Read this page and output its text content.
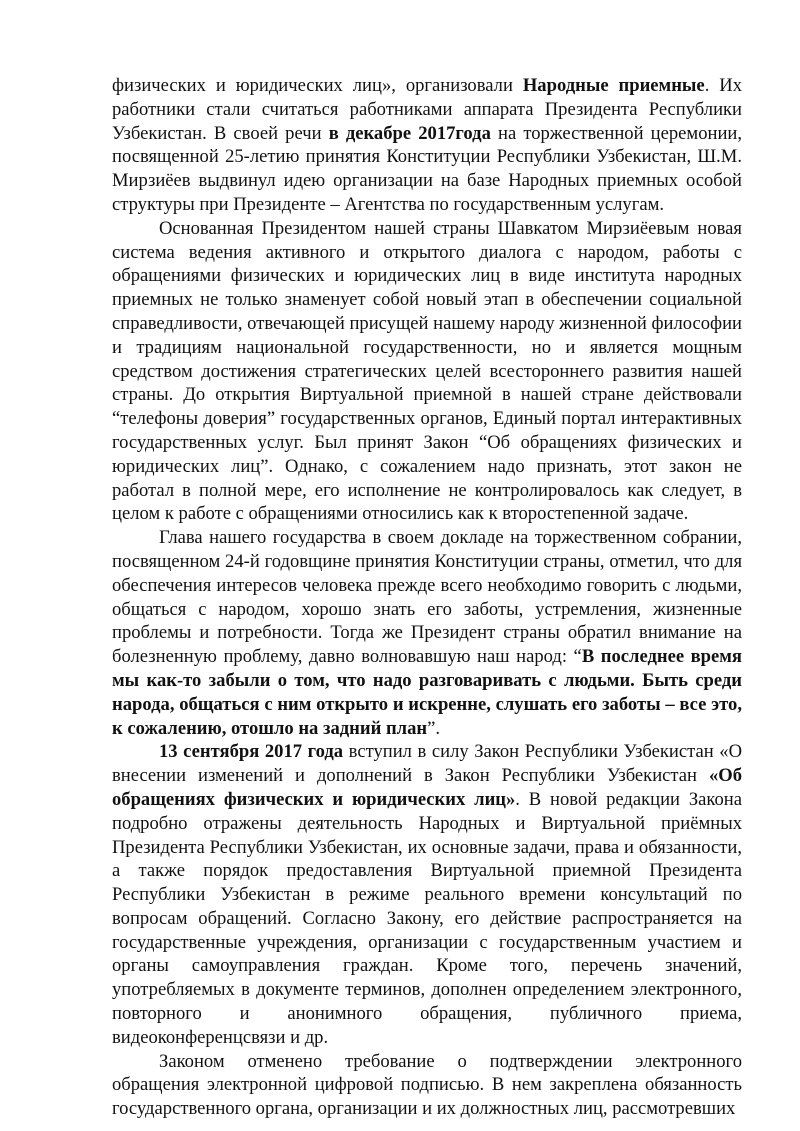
физических и юридических лиц», организовали Народные приемные. Их работники стали считаться работниками аппарата Президента Республики Узбекистан. В своей речи в декабре 2017года на торжественной церемонии, посвященной 25-летию принятия Конституции Республики Узбекистан, Ш.М. Мирзиёев выдвинул идею организации на базе Народных приемных особой структуры при Президенте – Агентства по государственным услугам.

Основанная Президентом нашей страны Шавкатом Мирзиёевым новая система ведения активного и открытого диалога с народом, работы с обращениями физических и юридических лиц в виде института народных приемных не только знаменует собой новый этап в обеспечении социальной справедливости, отвечающей присущей нашему народу жизненной философии и традициям национальной государственности, но и является мощным средством достижения стратегических целей всестороннего развития нашей страны. До открытия Виртуальной приемной в нашей стране действовали “телефоны доверия” государственных органов, Единый портал интерактивных государственных услуг. Был принят Закон “Об обращениях физических и юридических лиц”. Однако, с сожалением надо признать, этот закон не работал в полной мере, его исполнение не контролировалось как следует, в целом к работе с обращениями относились как к второстепенной задаче.

Глава нашего государства в своем докладе на торжественном собрании, посвященном 24-й годовщине принятия Конституции страны, отметил, что для обеспечения интересов человека прежде всего необходимо говорить с людьми, общаться с народом, хорошо знать его заботы, устремления, жизненные проблемы и потребности. Тогда же Президент страны обратил внимание на болезненную проблему, давно волновавшую наш народ: “В последнее время мы как-то забыли о том, что надо разговаривать с людьми. Быть среди народа, общаться с ним открыто и искренне, слушать его заботы – все это, к сожалению, отошло на задний план”.

13 сентября 2017 года вступил в силу Закон Республики Узбекистан «О внесении изменений и дополнений в Закон Республики Узбекистан «Об обращениях физических и юридических лиц». В новой редакции Закона подробно отражены деятельность Народных и Виртуальной приёмных Президента Республики Узбекистан, их основные задачи, права и обязанности, а также порядок предоставления Виртуальной приемной Президента Республики Узбекистан в режиме реального времени консультаций по вопросам обращений. Согласно Закону, его действие распространяется на государственные учреждения, организации с государственным участием и органы самоуправления граждан. Кроме того, перечень значений, употребляемых в документе терминов, дополнен определением электронного, повторного и анонимного обращения, публичного приема, видеоконференцсвязи и др.

Законом отменено требование о подтверждении электронного обращения электронной цифровой подписью. В нем закреплена обязанность государственного органа, организации и их должностных лиц, рассмотревших
